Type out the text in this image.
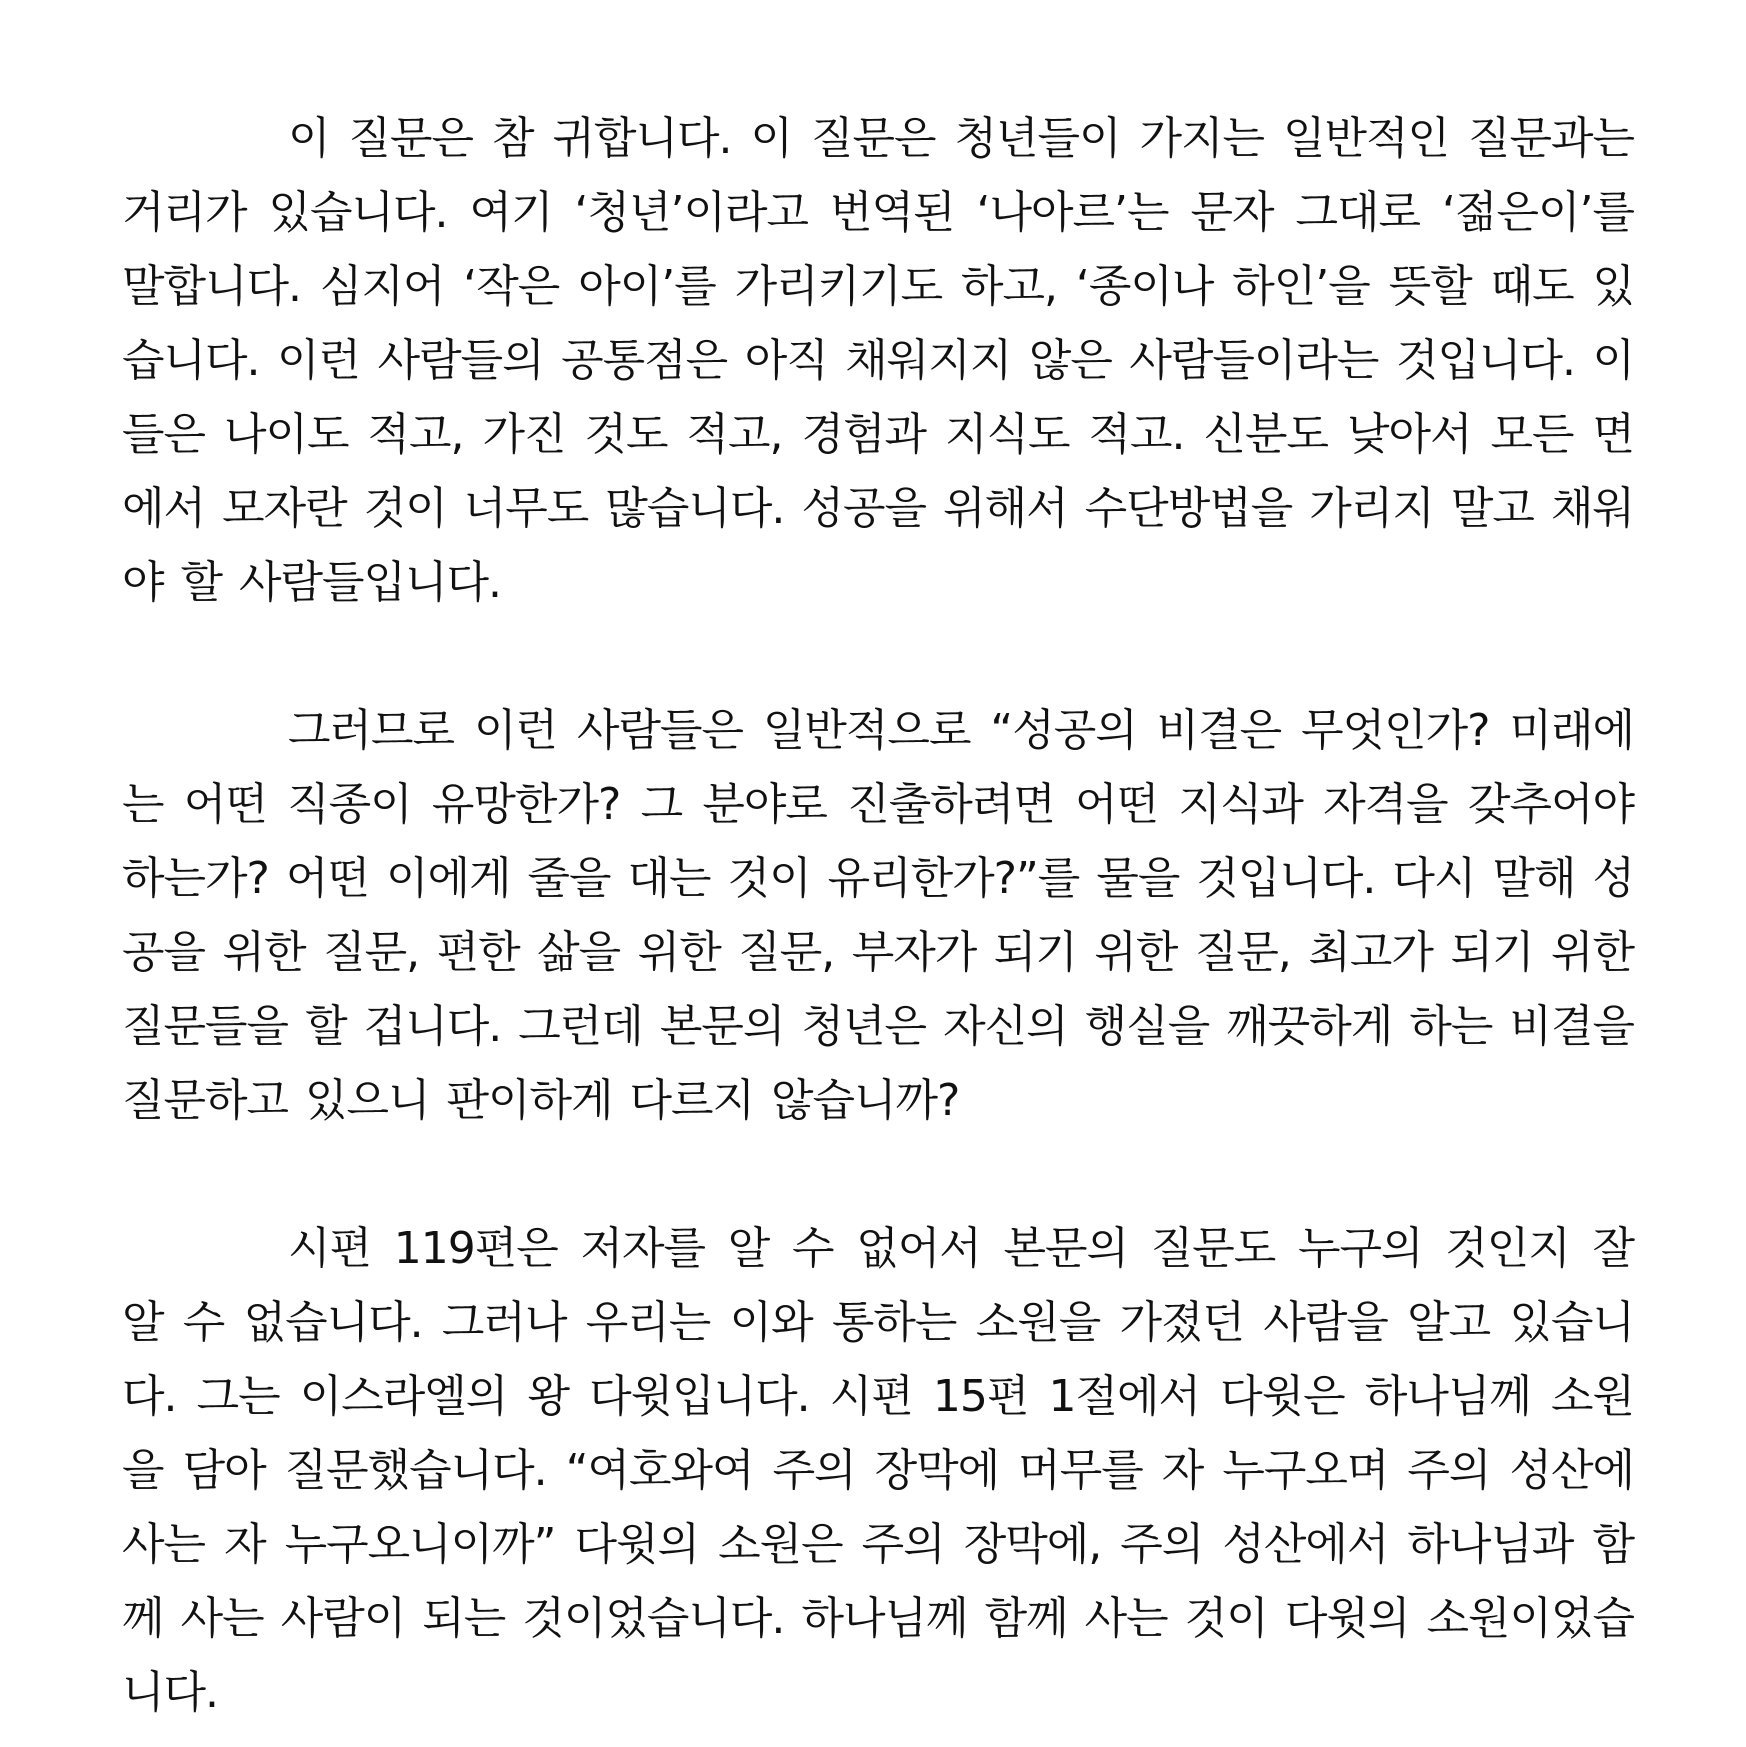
이 질문은 참 귀합니다. 이 질문은 청년들이 가지는 일반적인 질문과는 거리가 있습니다. 여기 ‘청년’이라고 번역된 ‘나아르’는 문자 그대로 ‘젊은이’를 말합니다. 심지어 ‘작은 아이’를 가리키기도 하고, ‘종이나 하인’을 뜻할 때도 있습니다. 이런 사람들의 공통점은 아직 채워지지 않은 사람들이라는 것입니다. 이들은 나이도 적고, 가진 것도 적고, 경험과 지식도 적고. 신분도 낮아서 모든 면에서 모자란 것이 너무도 많습니다. 성공을 위해서 수단방법을 가리지 말고 채워야 할 사람들입니다.

그러므로 이런 사람들은 일반적으로 “성공의 비결은 무엇인가? 미래에는 어떤 직종이 유망한가? 그 분야로 진출하려면 어떤 지식과 자격을 갖추어야 하는가? 어떤 이에게 줄을 대는 것이 유리한가?”를 물을 것입니다. 다시 말해 성공을 위한 질문, 편한 삶을 위한 질문, 부자가 되기 위한 질문, 최고가 되기 위한 질문들을 할 겁니다. 그런데 본문의 청년은 자신의 행실을 깨끗하게 하는 비결을 질문하고 있으니 판이하게 다르지 않습니까?

시편 119편은 저자를 알 수 없어서 본문의 질문도 누구의 것인지 잘 알 수 없습니다. 그러나 우리는 이와 통하는 소원을 가졌던 사람을 알고 있습니다. 그는 이스라엘의 왕 다윗입니다. 시편 15편 1절에서 다윗은 하나님께 소원을 담아 질문했습니다. “여호와여 주의 장막에 머무를 자 누구오며 주의 성산에 사는 자 누구오니이까” 다윗의 소원은 주의 장막에, 주의 성산에서 하나님과 함께 사는 사람이 되는 것이었습니다. 하나님께 함께 사는 것이 다윗의 소원이었습니다.
